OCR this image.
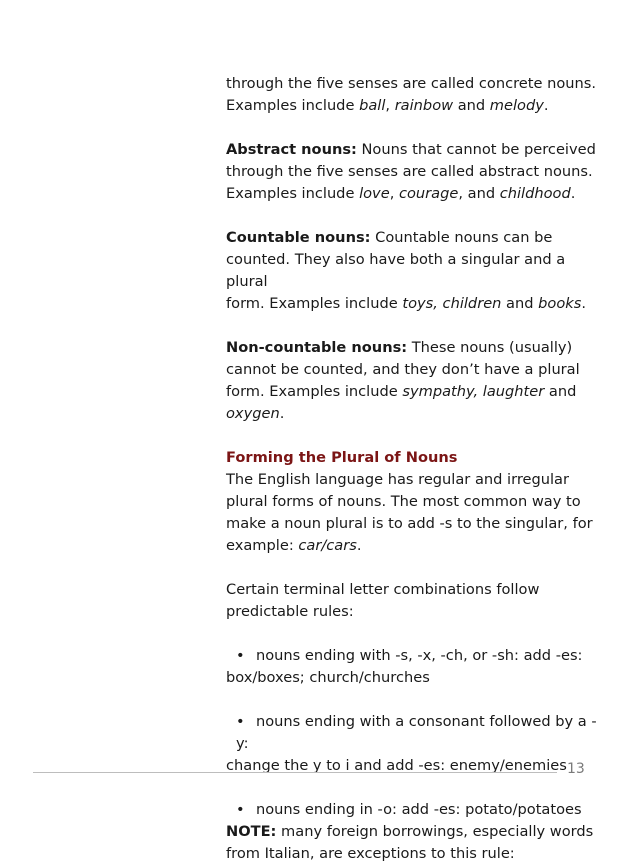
through the five senses are called concrete nouns.

Examples include ball, rainbow and melody.

Abstract nouns: Nouns that cannot be perceived

through the five senses are called abstract nouns.

Examples include love, courage, and childhood.

Countable nouns: Countable nouns can be

counted. They also have both a singular and a plural

form. Examples include toys, children and books.

Non-countable nouns: These nouns (usually)

cannot be counted, and they don’t have a plural

form. Examples include sympathy, laughter and

oxygen.

Forming the Plural of Nouns

The English language has regular and irregular

plural forms of nouns. The most common way to

make a noun plural is to add -s to the singular, for

example: car/cars.

Certain terminal letter combinations follow

predictable rules:

• nouns ending with -s, -x, -ch, or -sh: add -es:

box/boxes; church/churches

• nouns ending with a consonant followed by a -y:

change the y to i and add -es: enemy/enemies

• nouns ending in -o: add -es: potato/potatoes

NOTE: many foreign borrowings, especially words

from Italian, are exceptions to this rule:

13
